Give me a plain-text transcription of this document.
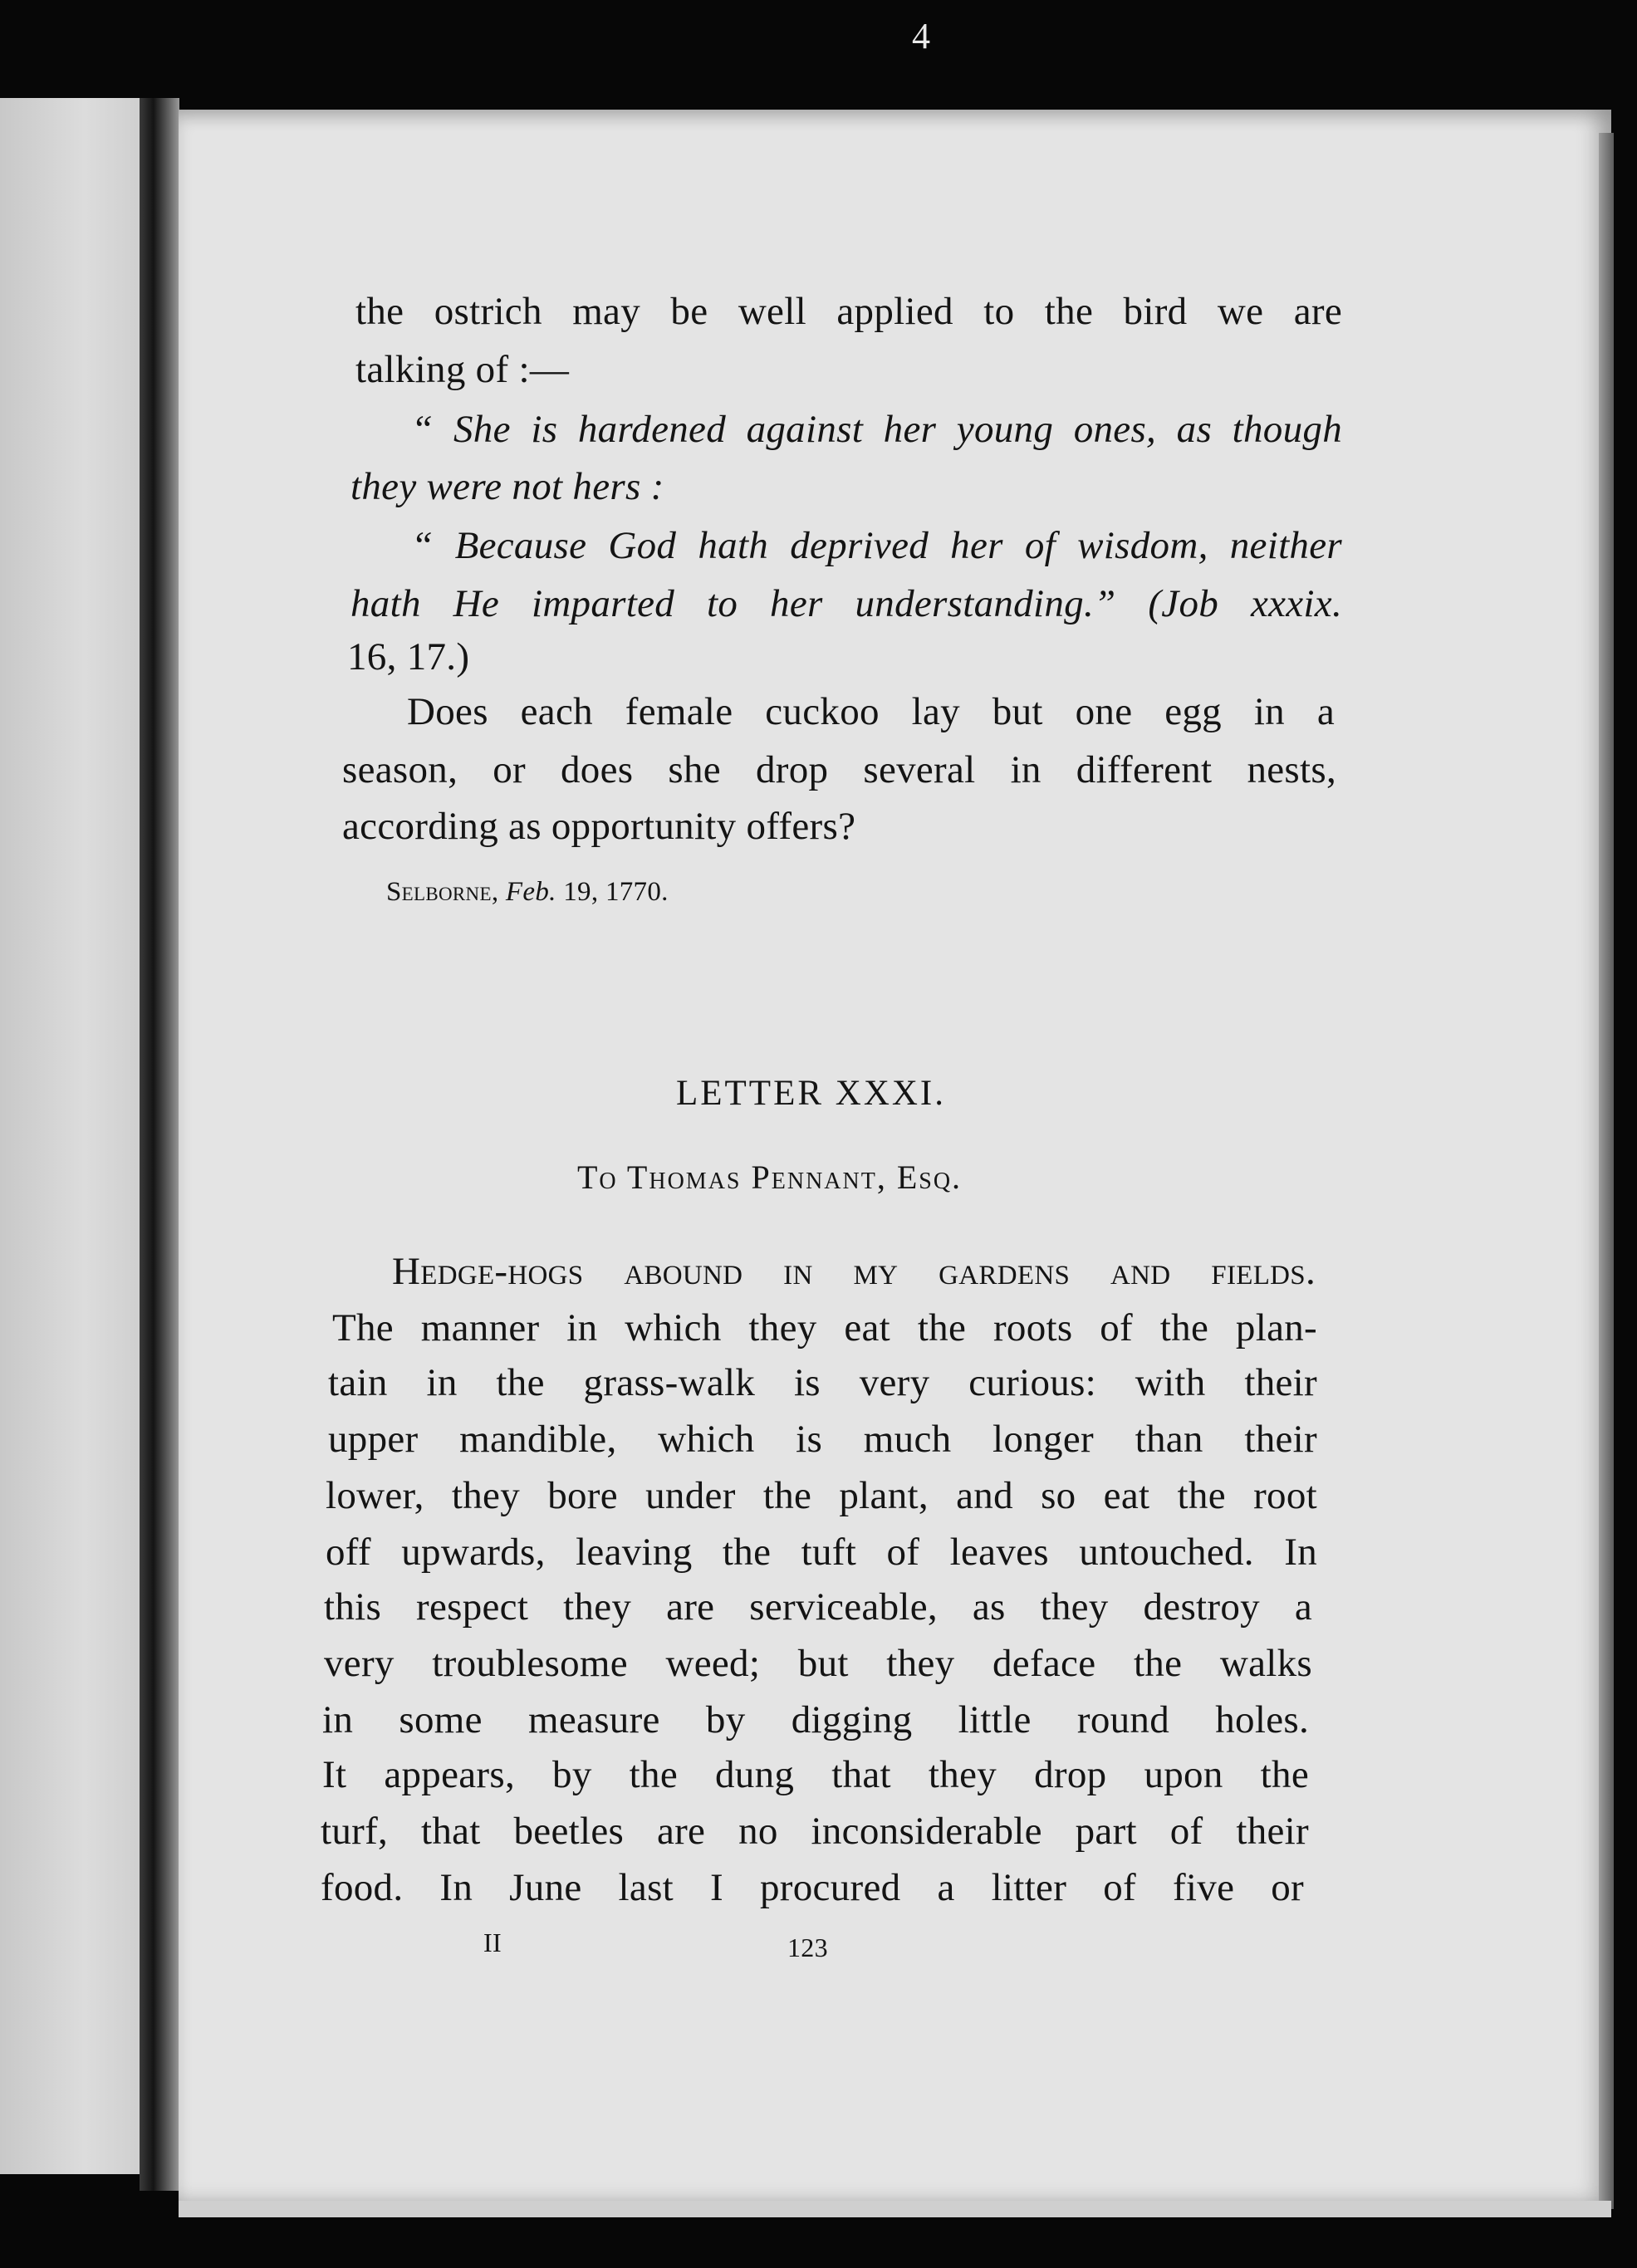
4
the ostrich may be well applied to the bird we are
talking of :—
“ She is hardened against her young ones, as though
they were not hers :
“ Because God hath deprived her of wisdom, neither
hath He imparted to her understanding.” (Job xxxix.
16, 17.)
Does each female cuckoo lay but one egg in a
season, or does she drop several in different nests,
according as opportunity offers?
Selborne, Feb. 19, 1770.
LETTER XXXI.
To Thomas Pennant, Esq.
Hedge-hogs abound in my gardens and fields.
The manner in which they eat the roots of the plan-
tain in the grass-walk is very curious: with their
upper mandible, which is much longer than their
lower, they bore under the plant, and so eat the root
off upwards, leaving the tuft of leaves untouched. In
this respect they are serviceable, as they destroy a
very troublesome weed; but they deface the walks
in some measure by digging little round holes.
It appears, by the dung that they drop upon the
turf, that beetles are no inconsiderable part of their
food. In June last I procured a litter of five or
II	123
